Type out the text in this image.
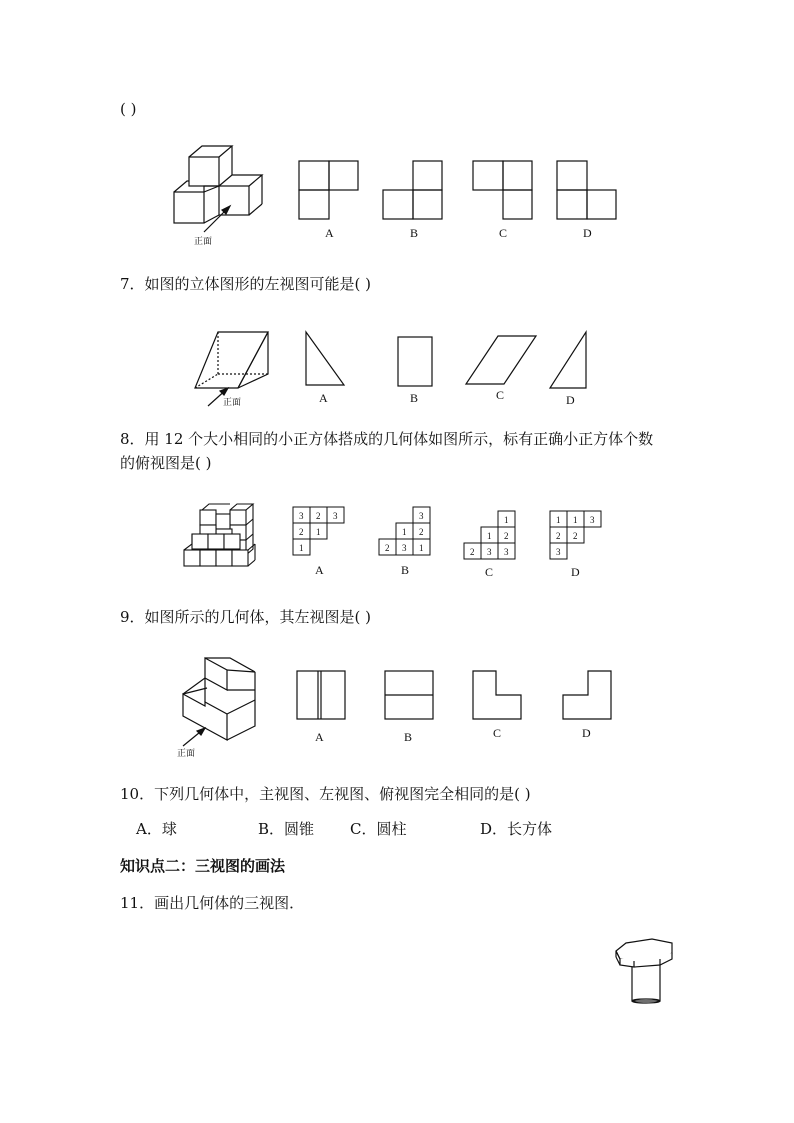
( )
正面
A	B	C	D
7．如图的立体图形的左视图可能是( )
正面	A	B	C	D
8．用 12 个大小相同的小正方体搭成的几何体如图所示，标有正确小正方体个数
的俯视图是( )
3 2 3
2 1
1
A
3
1 2
2 3 1
B
1
1 2
2 3 3
C
1 1 3
2 2
3
D
9．如图所示的几何体，其左视图是( )
正面
A	B	C	D
10．下列几何体中，主视图、左视图、俯视图完全相同的是( )
A．球	B．圆锥 C．圆柱	D．长方体
知识点二：三视图的画法
11．画出几何体的三视图．
